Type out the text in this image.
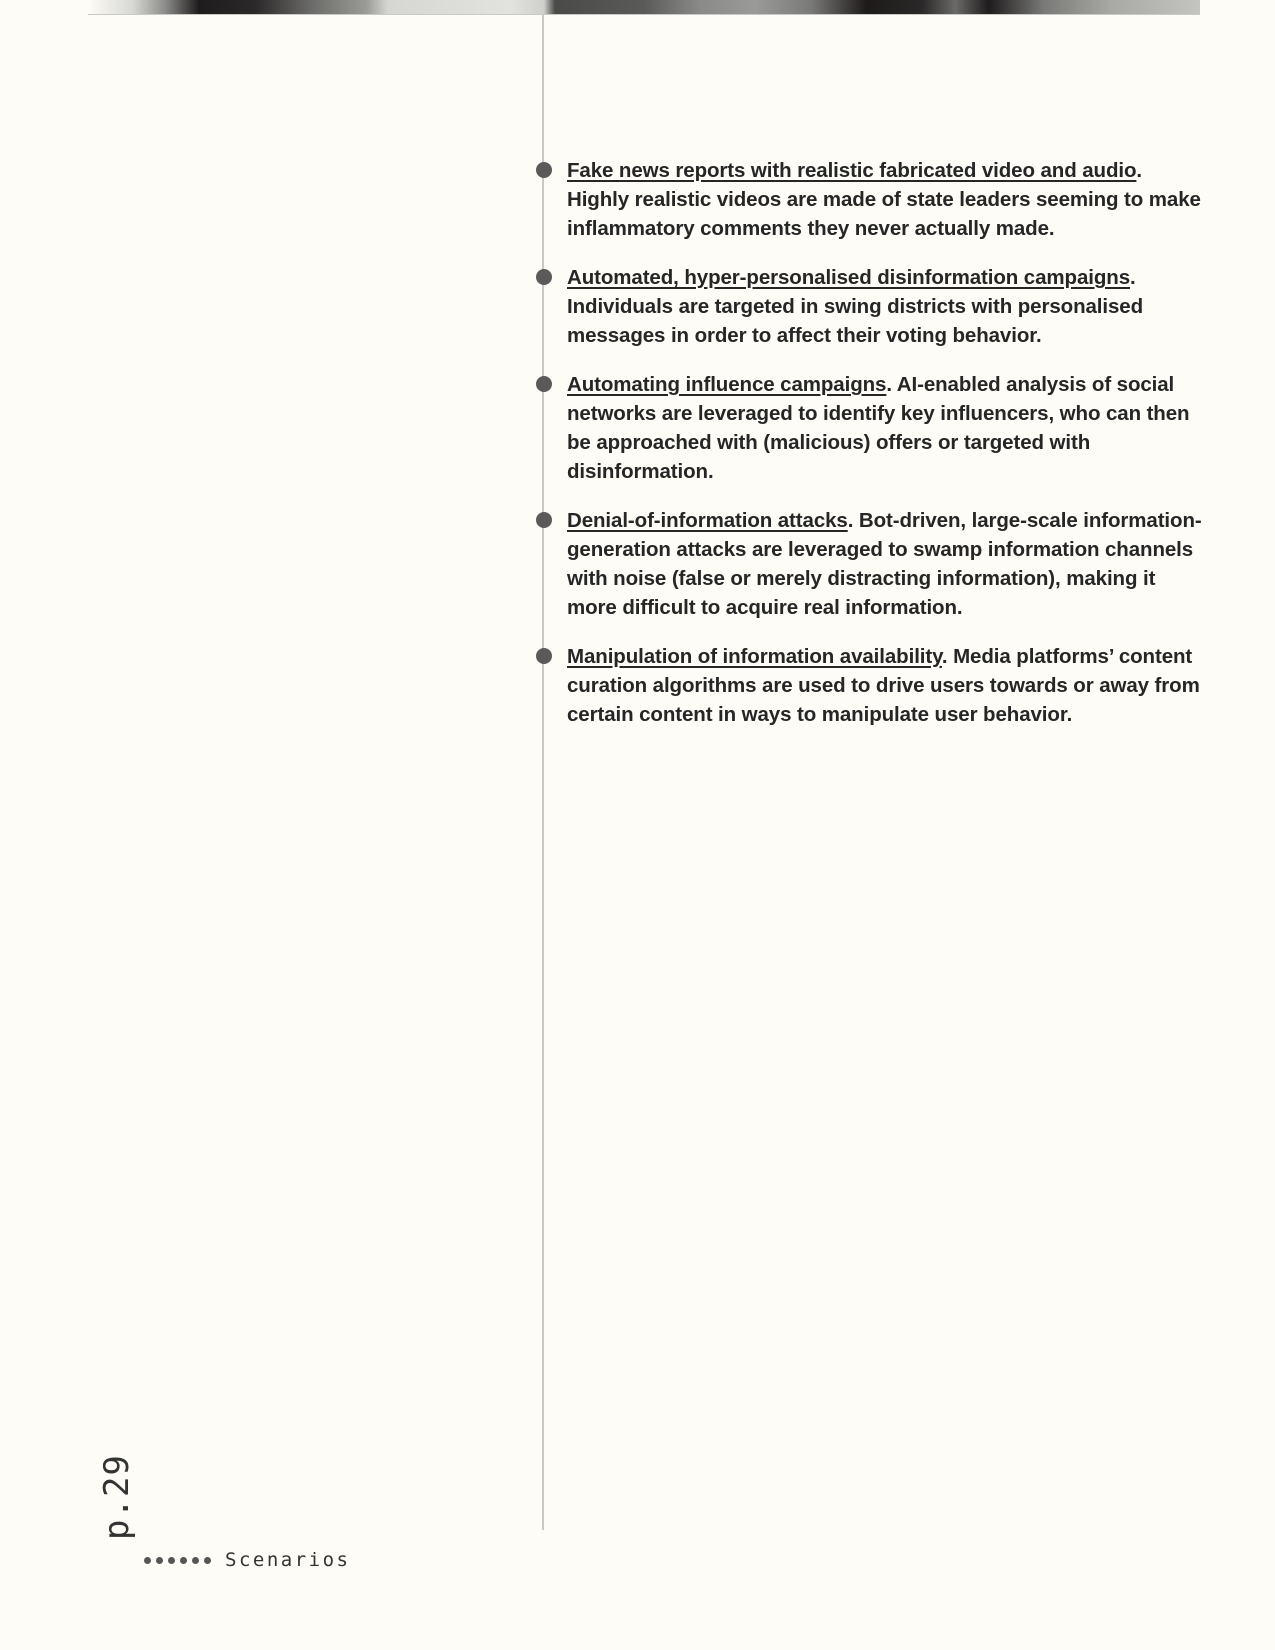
Fake news reports with realistic fabricated video and audio. Highly realistic videos are made of state leaders seeming to make inflammatory comments they never actually made.
Automated, hyper-personalised disinformation campaigns. Individuals are targeted in swing districts with personalised messages in order to affect their voting behavior.
Automating influence campaigns. AI-enabled analysis of social networks are leveraged to identify key influencers, who can then be approached with (malicious) offers or targeted with disinformation.
Denial-of-information attacks. Bot-driven, large-scale information-generation attacks are leveraged to swamp information channels with noise (false or merely distracting information), making it more difficult to acquire real information.
Manipulation of information availability. Media platforms’ content curation algorithms are used to drive users towards or away from certain content in ways to manipulate user behavior.
p.29
Scenarios
